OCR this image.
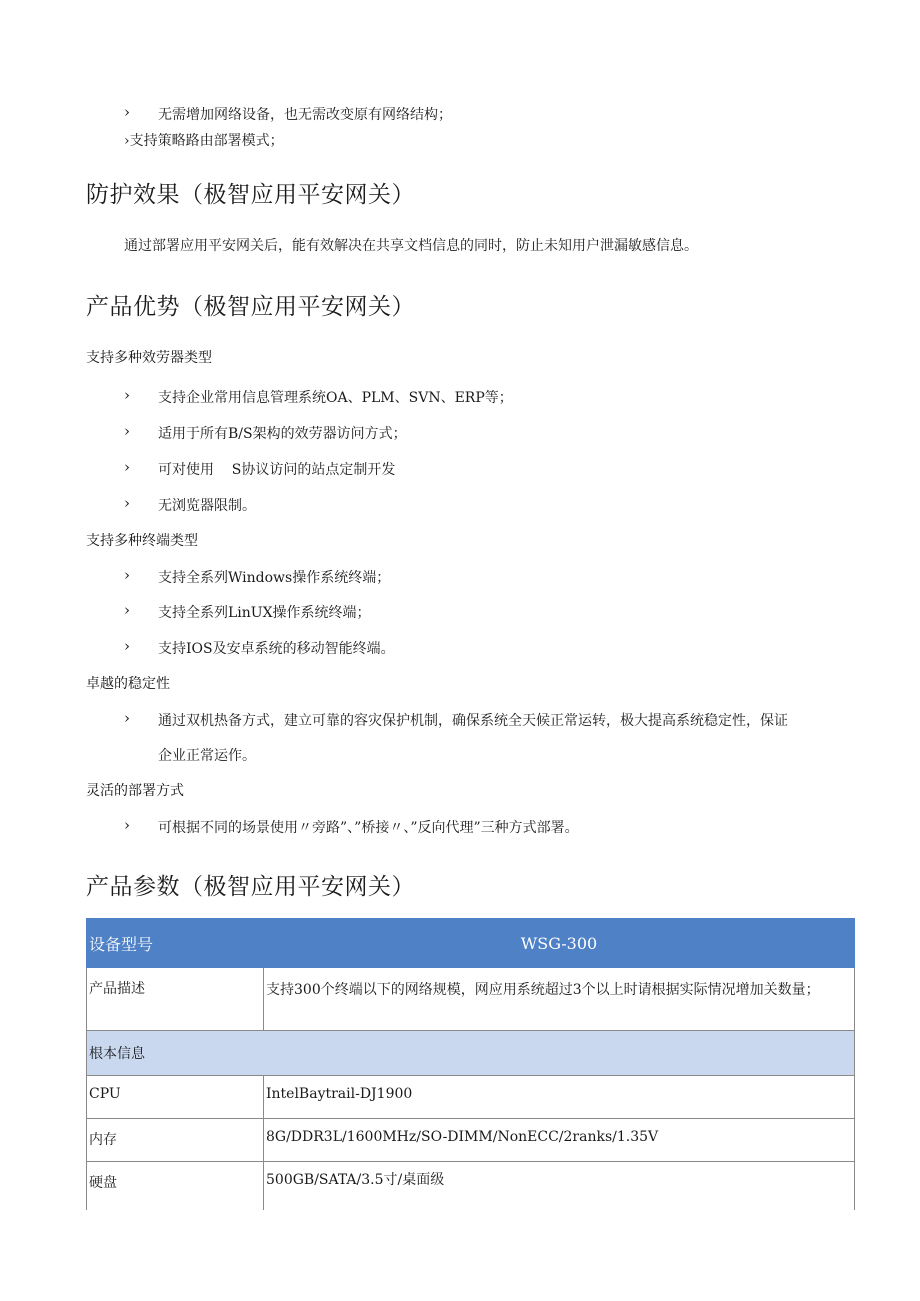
› 无需增加网络设备，也无需改变原有网络结构；
›支持策略路由部署模式；
防护效果（极智应用平安网关）
通过部署应用平安网关后，能有效解决在共享文档信息的同时，防止未知用户泄漏敏感信息。
产品优势（极智应用平安网关）
支持多种效劳器类型
› 支持企业常用信息管理系统OA、PLM、SVN、ERP等；
› 适用于所有B/S架构的效劳器访问方式；
› 可对使用    S协议访问的站点定制开发
› 无浏览器限制。
支持多种终端类型
› 支持全系列Windows操作系统终端；
› 支持全系列LinUX操作系统终端；
› 支持IOS及安卓系统的移动智能终端。
卓越的稳定性
› 通过双机热备方式，建立可靠的容灾保护机制，确保系统全天候正常运转，极大提高系统稳定性，保证
企业正常运作。
灵活的部署方式
› 可根据不同的场景使用〃旁路”、”桥接〃、”反向代理”三种方式部署。
产品参数（极智应用平安网关）
设备型号	WSG-300
产品描述	支持300个终端以下的网络规模，网应用系统超过3个以上时请根据实际情况增加关数量；
根本信息	
CPU	IntelBaytrail-DJ1900
内存	8G∕DDR3L∕1600MHz∕SO-DIMM∕NonECC∕2ranks∕1.35V
硬盘	500GB/SATA/3.5寸/桌面级
